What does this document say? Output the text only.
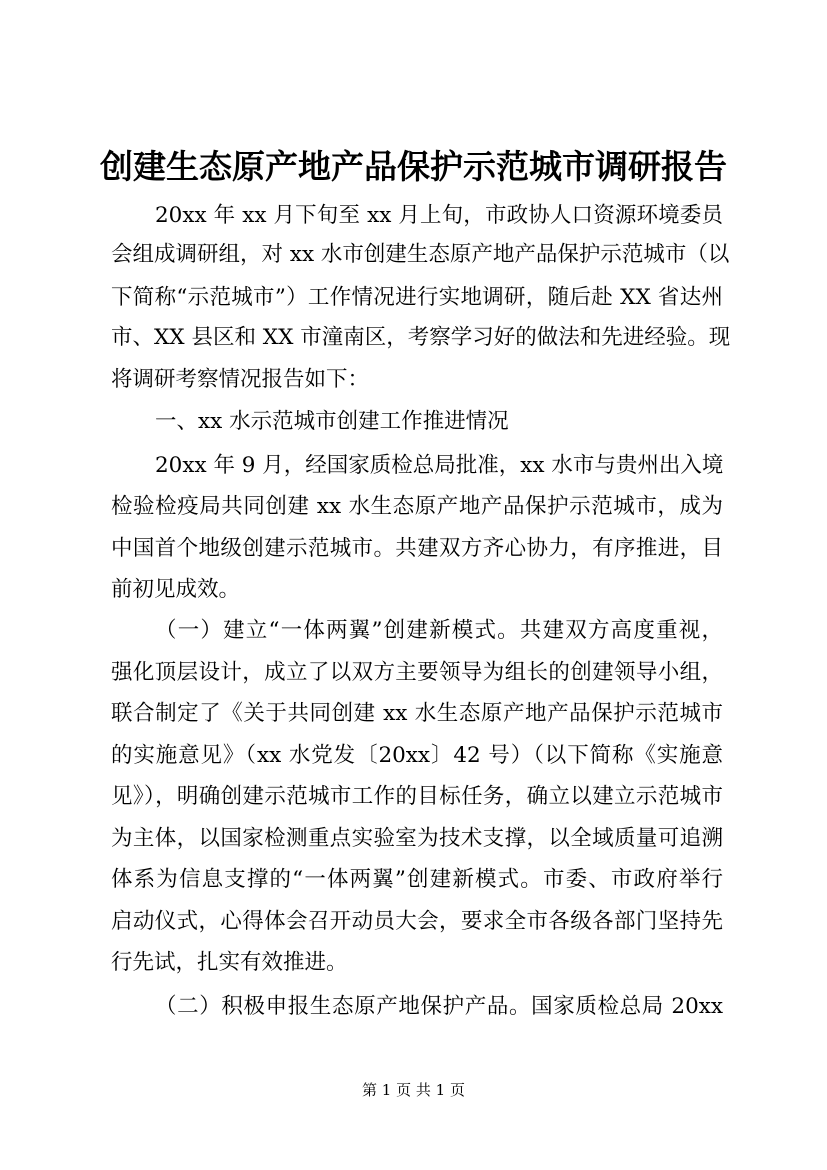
创建生态原产地产品保护示范城市调研报告
20xx 年 xx 月下旬至 xx 月上旬，市政协人口资源环境委员
会组成调研组，对 xx 水市创建生态原产地产品保护示范城市（以
下简称“示范城市”）工作情况进行实地调研，随后赴 XX 省达州
市、XX 县区和 XX 市潼南区，考察学习好的做法和先进经验。现
将调研考察情况报告如下：
一、xx 水示范城市创建工作推进情况
20xx 年 9 月，经国家质检总局批准，xx 水市与贵州出入境
检验检疫局共同创建 xx 水生态原产地产品保护示范城市，成为
中国首个地级创建示范城市。共建双方齐心协力，有序推进，目
前初见成效。
（一）建立“一体两翼”创建新模式。共建双方高度重视，
强化顶层设计，成立了以双方主要领导为组长的创建领导小组，
联合制定了《关于共同创建 xx 水生态原产地产品保护示范城市
的实施意见》（xx 水党发〔20xx〕42 号）（以下简称《实施意
见》），明确创建示范城市工作的目标任务，确立以建立示范城市
为主体，以国家检测重点实验室为技术支撑，以全域质量可追溯
体系为信息支撑的“一体两翼”创建新模式。市委、市政府举行
启动仪式，心得体会召开动员大会，要求全市各级各部门坚持先
行先试，扎实有效推进。
（二）积极申报生态原产地保护产品。国家质检总局 20xx
第 1 页 共 1 页
